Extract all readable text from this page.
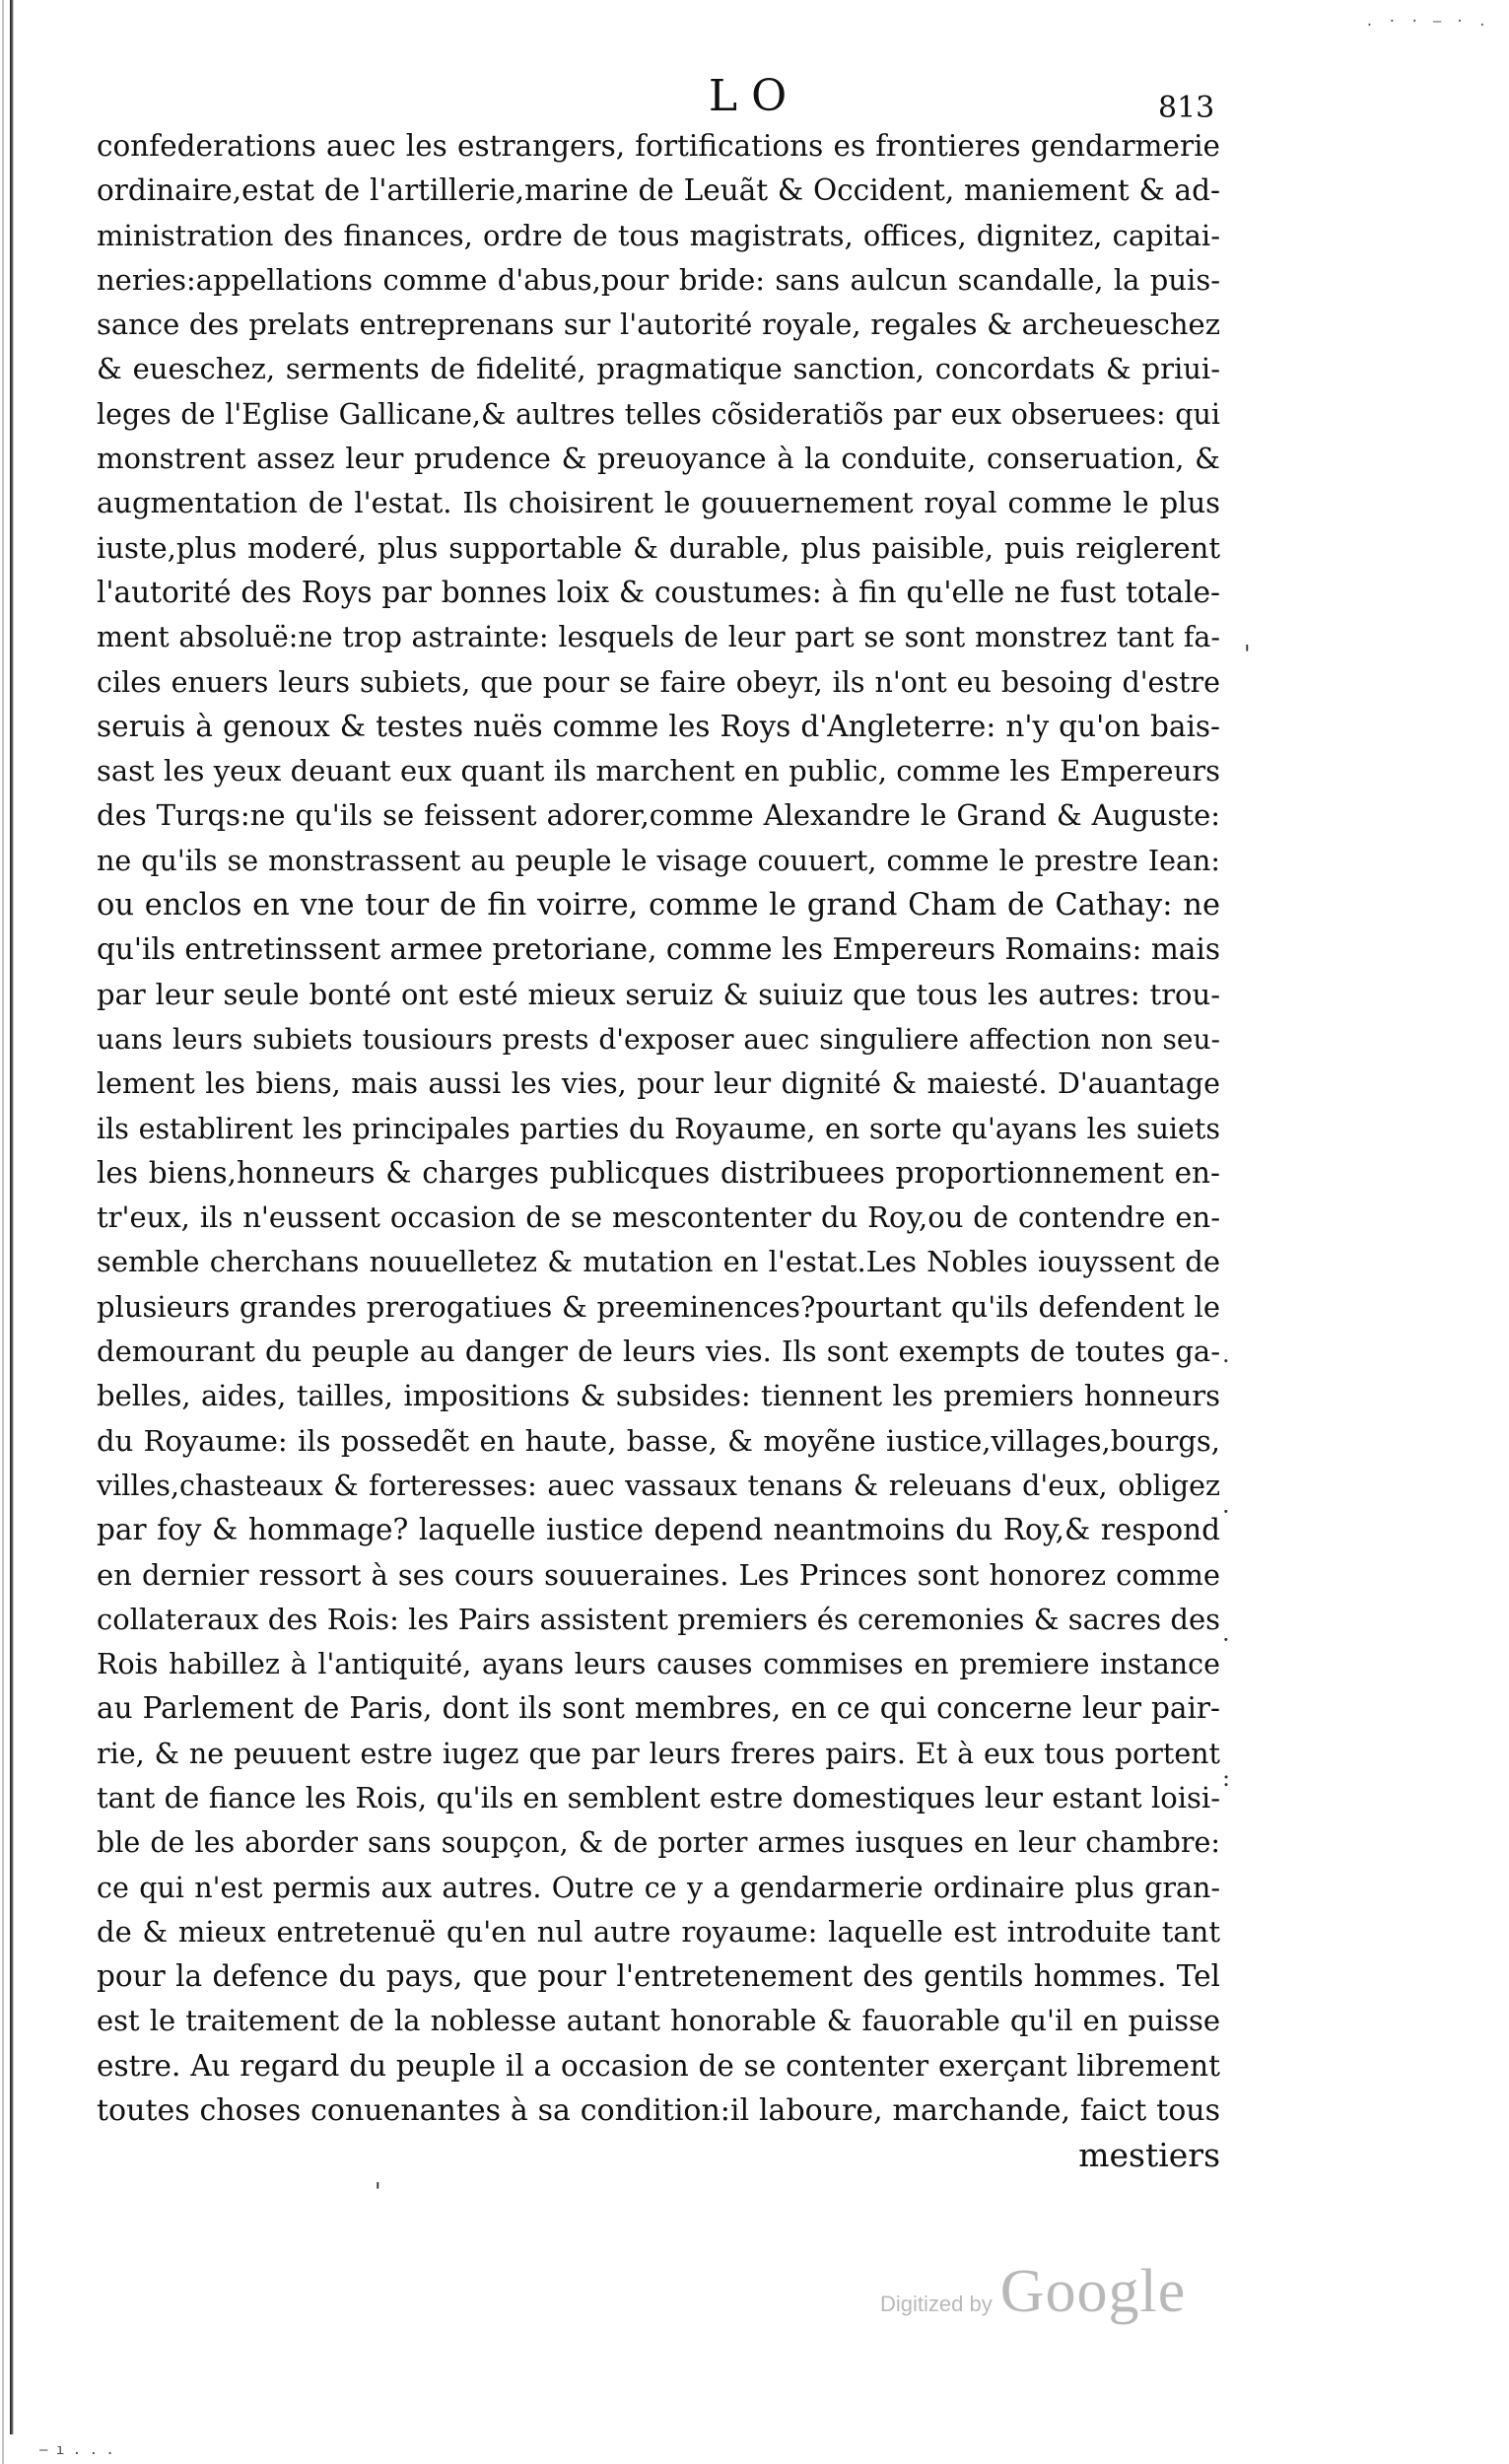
. · · — · .
LO	813
confederations auec les estrangers, fortifications es frontieres gendarmerie
ordinaire,estat de l'artillerie,marine de Leuãt & Occident, maniement & ad-
ministration des finances, ordre de tous magistrats, offices, dignitez, capitai-
neries:appellations comme d'abus,pour bride: sans aulcun scandalle, la puis-
sance des prelats entreprenans sur l'autorité royale, regales & archeueschez
& eueschez, serments de fidelité, pragmatique sanction, concordats & priui-
leges de l'Eglise Gallicane,& aultres telles cõsideratiõs par eux obseruees: qui
monstrent assez leur prudence & preuoyance à la conduite, conseruation, &
augmentation de l'estat. Ils choisirent le gouuernement royal comme le plus
iuste,plus moderé, plus supportable & durable, plus paisible, puis reiglerent
l'autorité des Roys par bonnes loix & coustumes: à fin qu'elle ne fust totale-
ment absoluë:ne trop astrainte: lesquels de leur part se sont monstrez tant fa-
ciles enuers leurs subiets, que pour se faire obeyr, ils n'ont eu besoing d'estre
seruis à genoux & testes nuës comme les Roys d'Angleterre: n'y qu'on bais-
sast les yeux deuant eux quant ils marchent en public, comme les Empereurs
des Turqs:ne qu'ils se feissent adorer,comme Alexandre le Grand & Auguste:
ne qu'ils se monstrassent au peuple le visage couuert, comme le prestre Iean:
ou enclos en vne tour de fin voirre, comme le grand Cham de Cathay: ne
qu'ils entretinssent armee pretoriane, comme les Empereurs Romains: mais
par leur seule bonté ont esté mieux seruiz & suiuiz que tous les autres: trou-
uans leurs subiets tousiours prests d'exposer auec singuliere affection non seu-
lement les biens, mais aussi les vies, pour leur dignité & maiesté. D'auantage
ils establirent les principales parties du Royaume, en sorte qu'ayans les suiets
les biens,honneurs & charges publicques distribuees proportionnement en-
tr'eux, ils n'eussent occasion de se mescontenter du Roy,ou de contendre en-
semble cherchans nouuelletez & mutation en l'estat.Les Nobles iouyssent de
plusieurs grandes prerogatiues & preeminences?pourtant qu'ils defendent le
demourant du peuple au danger de leurs vies. Ils sont exempts de toutes ga-
belles, aides, tailles, impositions & subsides: tiennent les premiers honneurs
du Royaume: ils possedẽt en haute, basse, & moyẽne iustice,villages,bourgs,
villes,chasteaux & forteresses: auec vassaux tenans & releuans d'eux, obligez
par foy & hommage? laquelle iustice depend neantmoins du Roy,& respond
en dernier ressort à ses cours souueraines. Les Princes sont honorez comme
collateraux des Rois: les Pairs assistent premiers és ceremonies & sacres des
Rois habillez à l'antiquité, ayans leurs causes commises en premiere instance
au Parlement de Paris, dont ils sont membres, en ce qui concerne leur pair-
rie, & ne peuuent estre iugez que par leurs freres pairs. Et à eux tous portent
tant de fiance les Rois, qu'ils en semblent estre domestiques leur estant loisi-
ble de les aborder sans soupçon, & de porter armes iusques en leur chambre:
ce qui n'est permis aux autres. Outre ce y a gendarmerie ordinaire plus gran-
de & mieux entretenuë qu'en nul autre royaume: laquelle est introduite tant
pour la defence du pays, que pour l'entretenement des gentils hommes. Tel
est le traitement de la noblesse autant honorable & fauorable qu'il en puisse
estre. Au regard du peuple il a occasion de se contenter exerçant librement
toutes choses conuenantes à sa condition:il laboure, marchande, faict tous
mestiers
'
.
·
·
:
'
Digitized by Google
— ı . . .
